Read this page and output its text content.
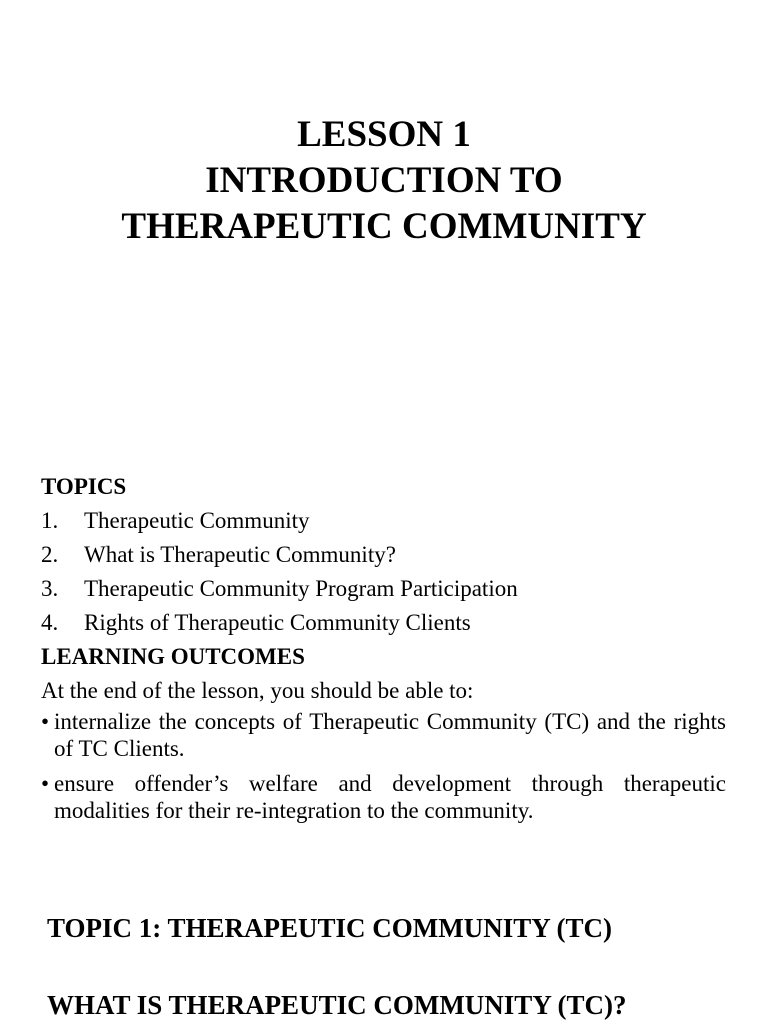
LESSON 1
INTRODUCTION TO
THERAPEUTIC COMMUNITY
TOPICS
1.	Therapeutic Community
2.	What is Therapeutic Community?
3.	Therapeutic Community Program Participation
4.	Rights of Therapeutic Community Clients
LEARNING OUTCOMES
At the end of the lesson, you should be able to:
• internalize the concepts of Therapeutic Community (TC) and the rights of TC Clients.
• ensure offender’s welfare and development through therapeutic modalities for their re-integration to the community.
TOPIC 1: THERAPEUTIC COMMUNITY (TC)
WHAT IS THERAPEUTIC COMMUNITY (TC)?
